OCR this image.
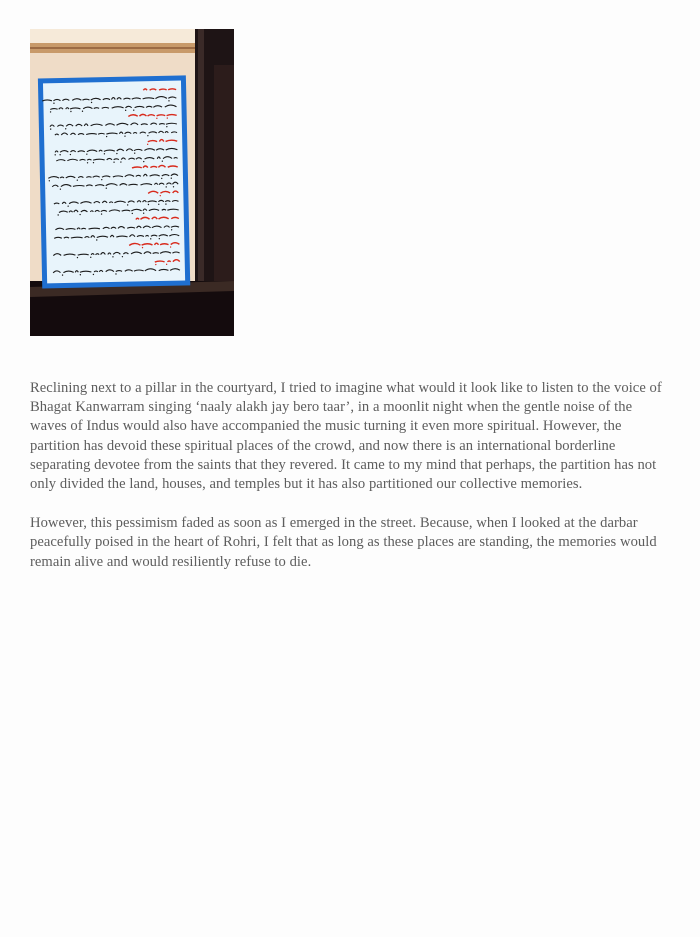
Reclining next to a pillar in the courtyard, I tried to imagine what would it look like to listen to the voice of Bhagat Kanwarram singing ‘naaly alakh jay bero taar’, in a moonlit night when the gentle noise of the waves of Indus would also have accompanied the music turning it even more spiritual. However, the partition has devoid these spiritual places of the crowd, and now there is an international borderline separating devotee from the saints that they revered. It came to my mind that perhaps, the partition has not only divided the land, houses, and temples but it has also partitioned our collective memories.

However, this pessimism faded as soon as I emerged in the street. Because, when I looked at the darbar peacefully poised in the heart of Rohri, I felt that as long as these places are standing, the memories would remain alive and would resiliently refuse to die.
